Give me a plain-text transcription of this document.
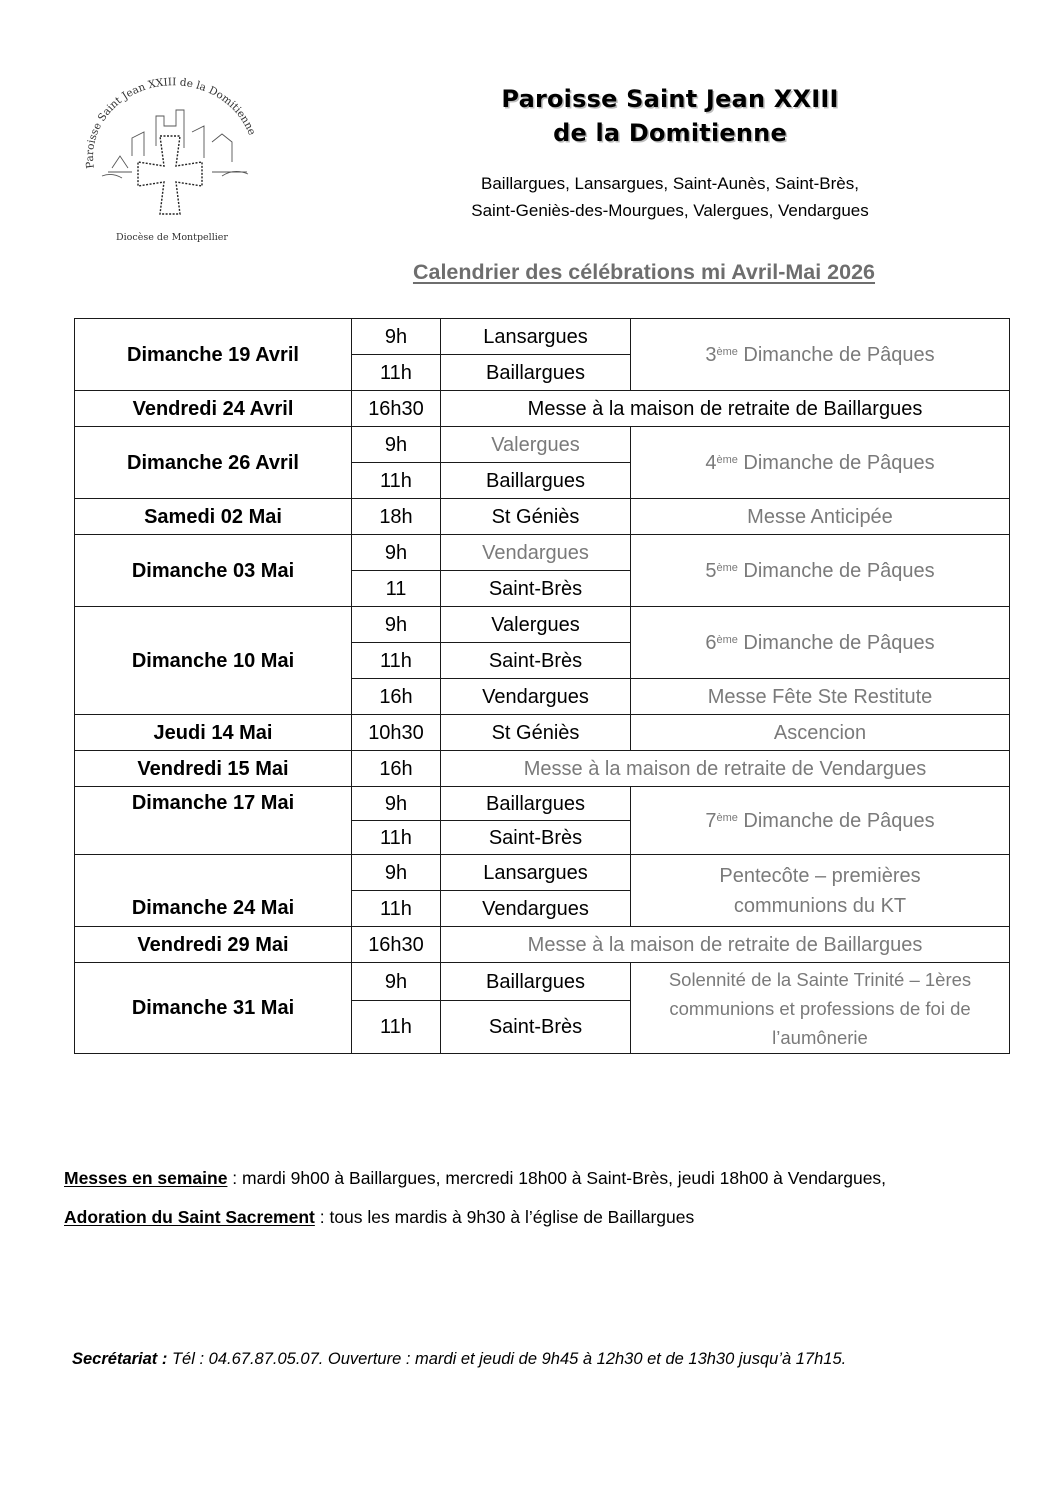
Paroisse Saint Jean XXIII de la Domitienne
Diocèse de Montpellier
Paroisse Saint Jean XXIII
de la Domitienne
Baillargues, Lansargues, Saint-Aunès, Saint-Brès,
Saint-Geniès-des-Mourgues, Valergues, Vendargues
Calendrier des célébrations mi Avril-Mai 2026
Dimanche 19 Avril	9h	Lansargues	3ème Dimanche de Pâques
	11h	Baillargues	
Vendredi 24 Avril	16h30	Messe à la maison de retraite de Baillargues	
Dimanche 26 Avril	9h	Valergues	4ème Dimanche de Pâques
	11h	Baillargues	
Samedi 02 Mai	18h	St Géniès	Messe Anticipée
Dimanche 03 Mai	9h	Vendargues	5ème Dimanche de Pâques
	11	Saint-Brès	
Dimanche 10 Mai	9h	Valergues	6ème Dimanche de Pâques
	11h	Saint-Brès	
	16h	Vendargues	Messe Fête Ste Restitute
Jeudi 14 Mai	10h30	St Géniès	Ascencion
Vendredi 15 Mai	16h	Messe à la maison de retraite de Vendargues	
Dimanche 17 Mai	9h	Baillargues	7ème Dimanche de Pâques
	11h	Saint-Brès	
Dimanche 24 Mai	9h	Lansargues	Pentecôte – premières
communions du KT
	11h	Vendargues	
Vendredi 29 Mai	16h30	Messe à la maison de retraite de Baillargues	
Dimanche 31 Mai	9h	Baillargues	Solennité de la Sainte Trinité – 1ères
communions et professions de foi de
l’aumônerie
	11h	Saint-Brès	
Messes en semaine : mardi 9h00 à Baillargues, mercredi 18h00 à Saint-Brès, jeudi 18h00 à Vendargues,
Adoration du Saint Sacrement : tous les mardis à 9h30 à l’église de Baillargues
Secrétariat : Tél : 04.67.87.05.07. Ouverture : mardi et jeudi de 9h45 à 12h30 et de 13h30 jusqu’à 17h15.
